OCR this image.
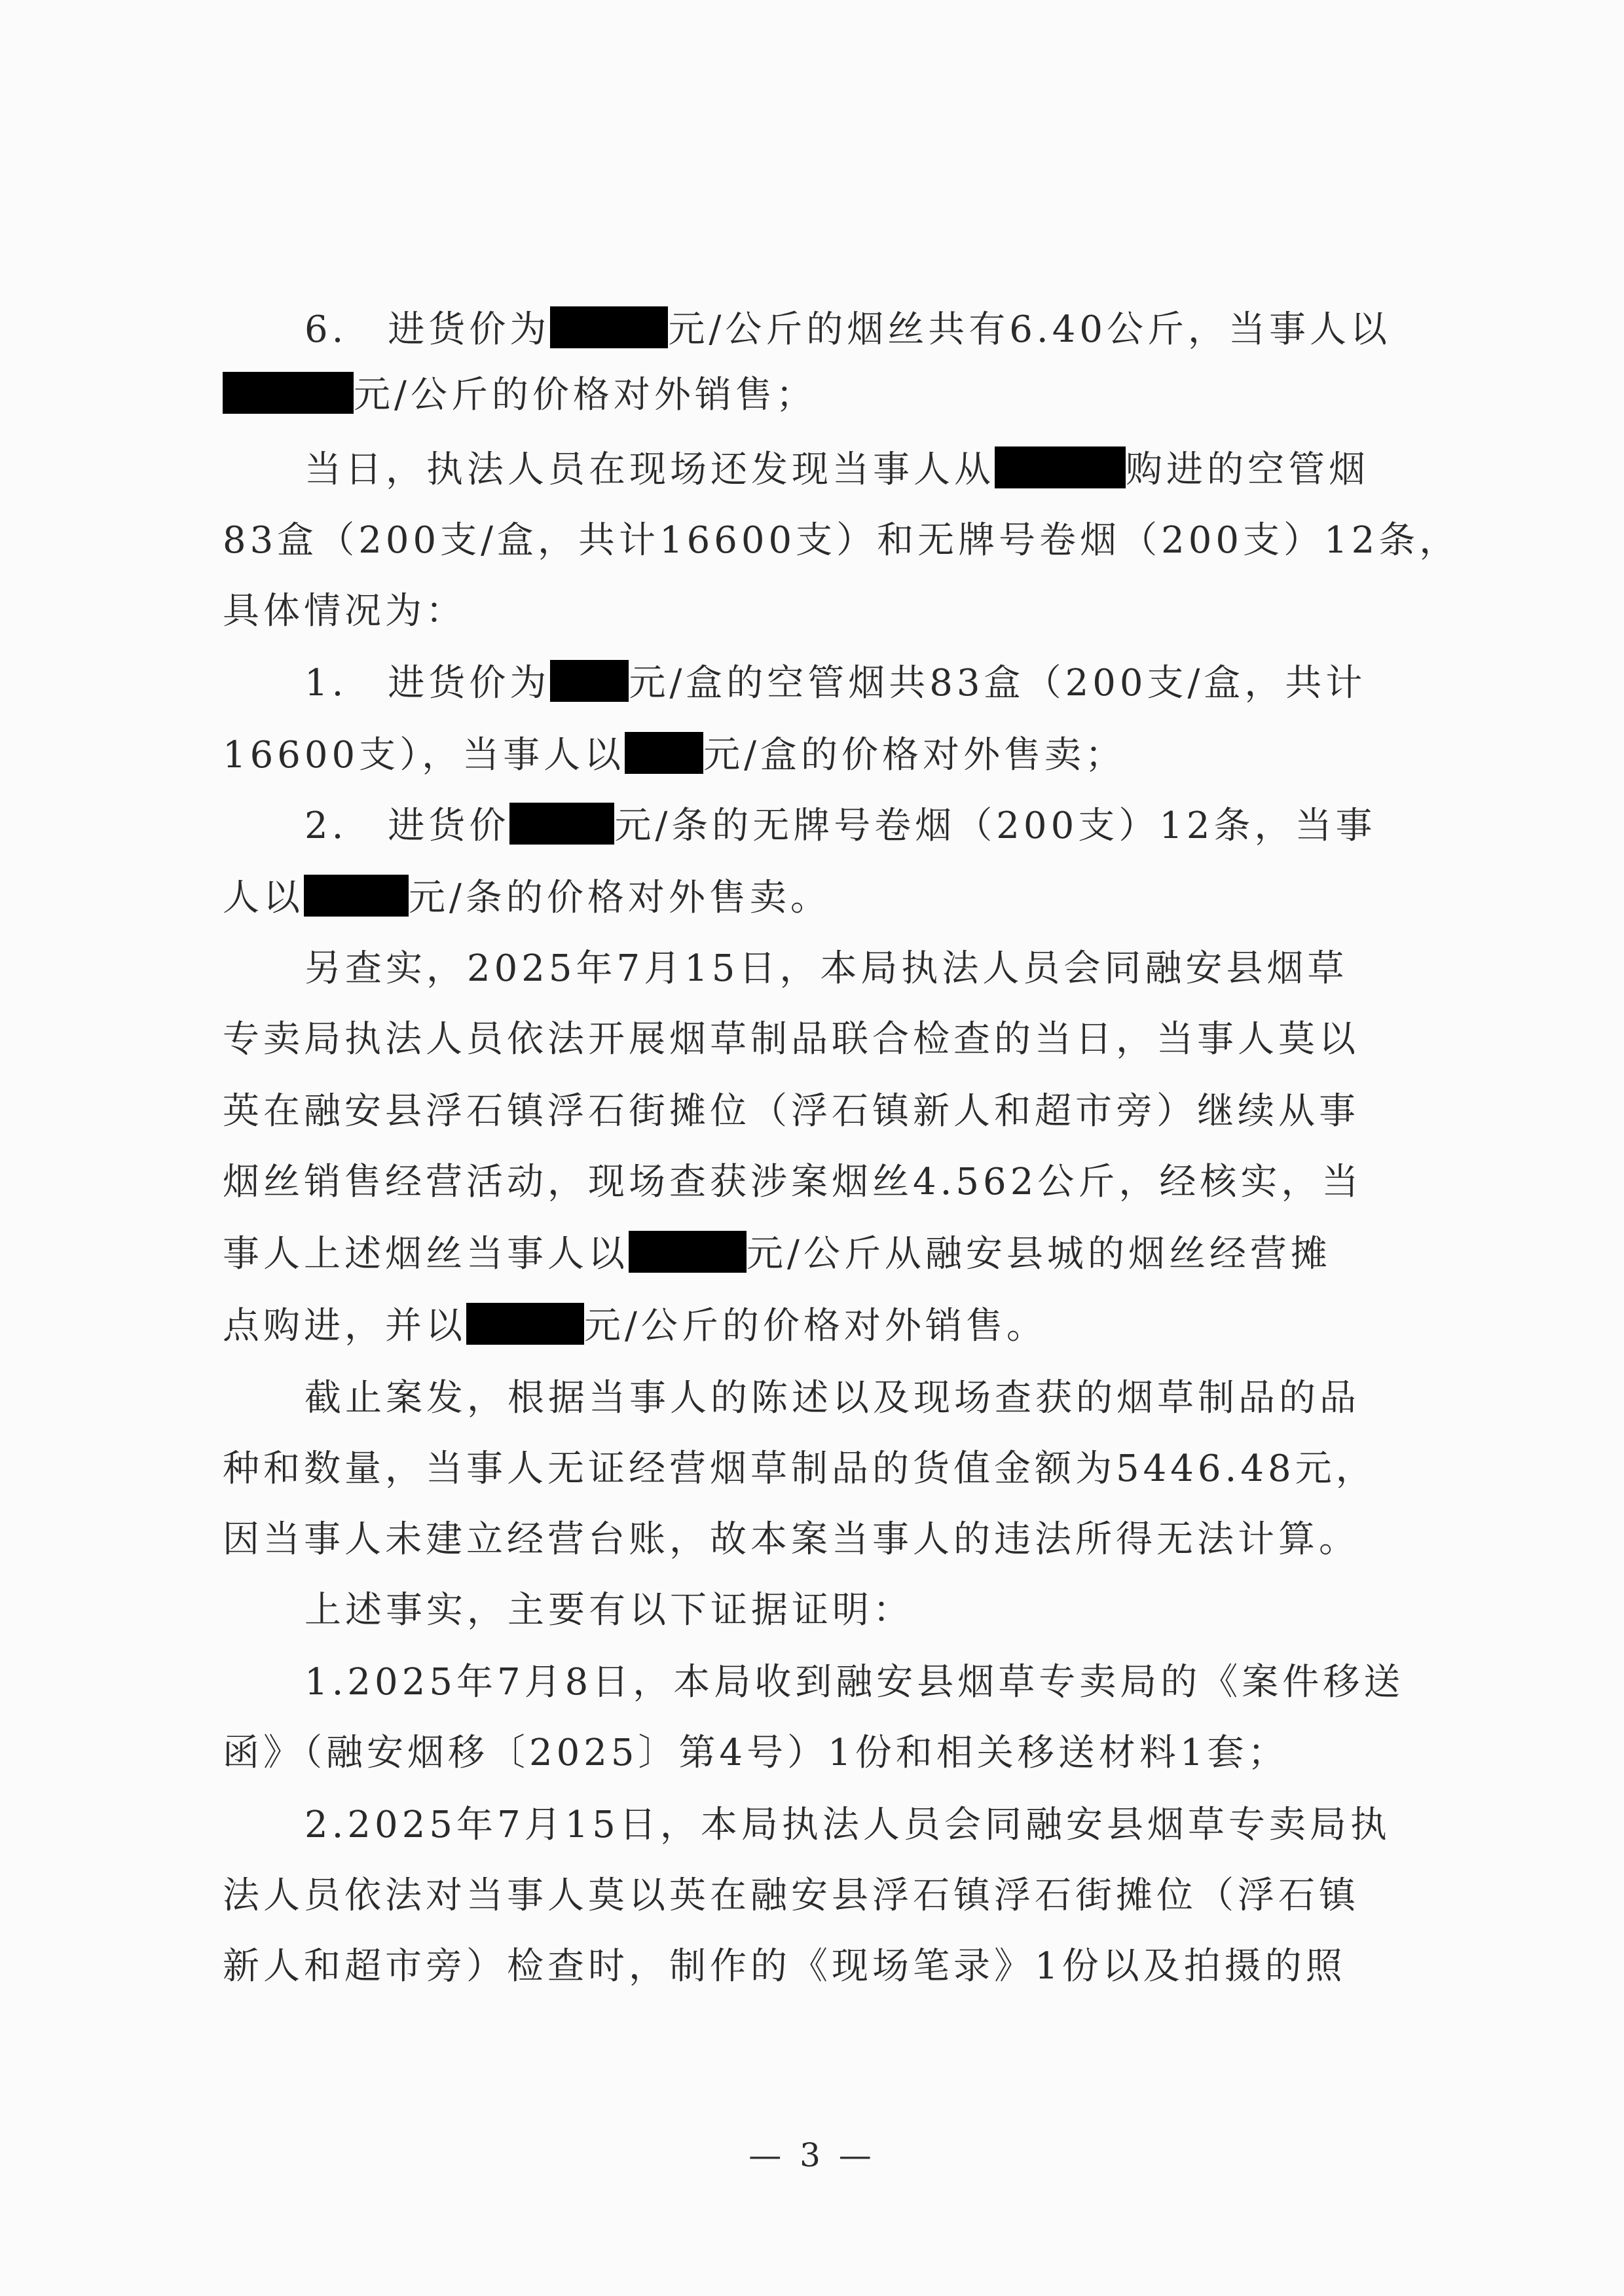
6.　进货价为	元/公斤的烟丝共有6.40公斤，当事人以
元/公斤的价格对外销售；
当日，执法人员在现场还发现当事人从	购进的空管烟
83盒（200支/盒，共计16600支）和无牌号卷烟（200支）12条，
具体情况为：
1.　进货价为 元/盒的空管烟共83盒（200支/盒，共计
16600支），当事人以 元/盒的价格对外售卖；
2.　进货价	元/条的无牌号卷烟（200支）12条，当事
人以	元/条的价格对外售卖。
另查实，2025年7月15日，本局执法人员会同融安县烟草
专卖局执法人员依法开展烟草制品联合检查的当日，当事人莫以
英在融安县浮石镇浮石街摊位（浮石镇新人和超市旁）继续从事
烟丝销售经营活动，现场查获涉案烟丝4.562公斤，经核实，当
事人上述烟丝当事人以	元/公斤从融安县城的烟丝经营摊
点购进，并以	元/公斤的价格对外销售。
截止案发，根据当事人的陈述以及现场查获的烟草制品的品
种和数量，当事人无证经营烟草制品的货值金额为5446.48元，
因当事人未建立经营台账，故本案当事人的违法所得无法计算。
上述事实，主要有以下证据证明：
1.2025年7月8日，本局收到融安县烟草专卖局的《案件移送
函》（融安烟移〔2025〕第4号）1份和相关移送材料1套；
2.2025年7月15日，本局执法人员会同融安县烟草专卖局执
法人员依法对当事人莫以英在融安县浮石镇浮石街摊位（浮石镇
新人和超市旁）检查时，制作的《现场笔录》1份以及拍摄的照
— 3 —
